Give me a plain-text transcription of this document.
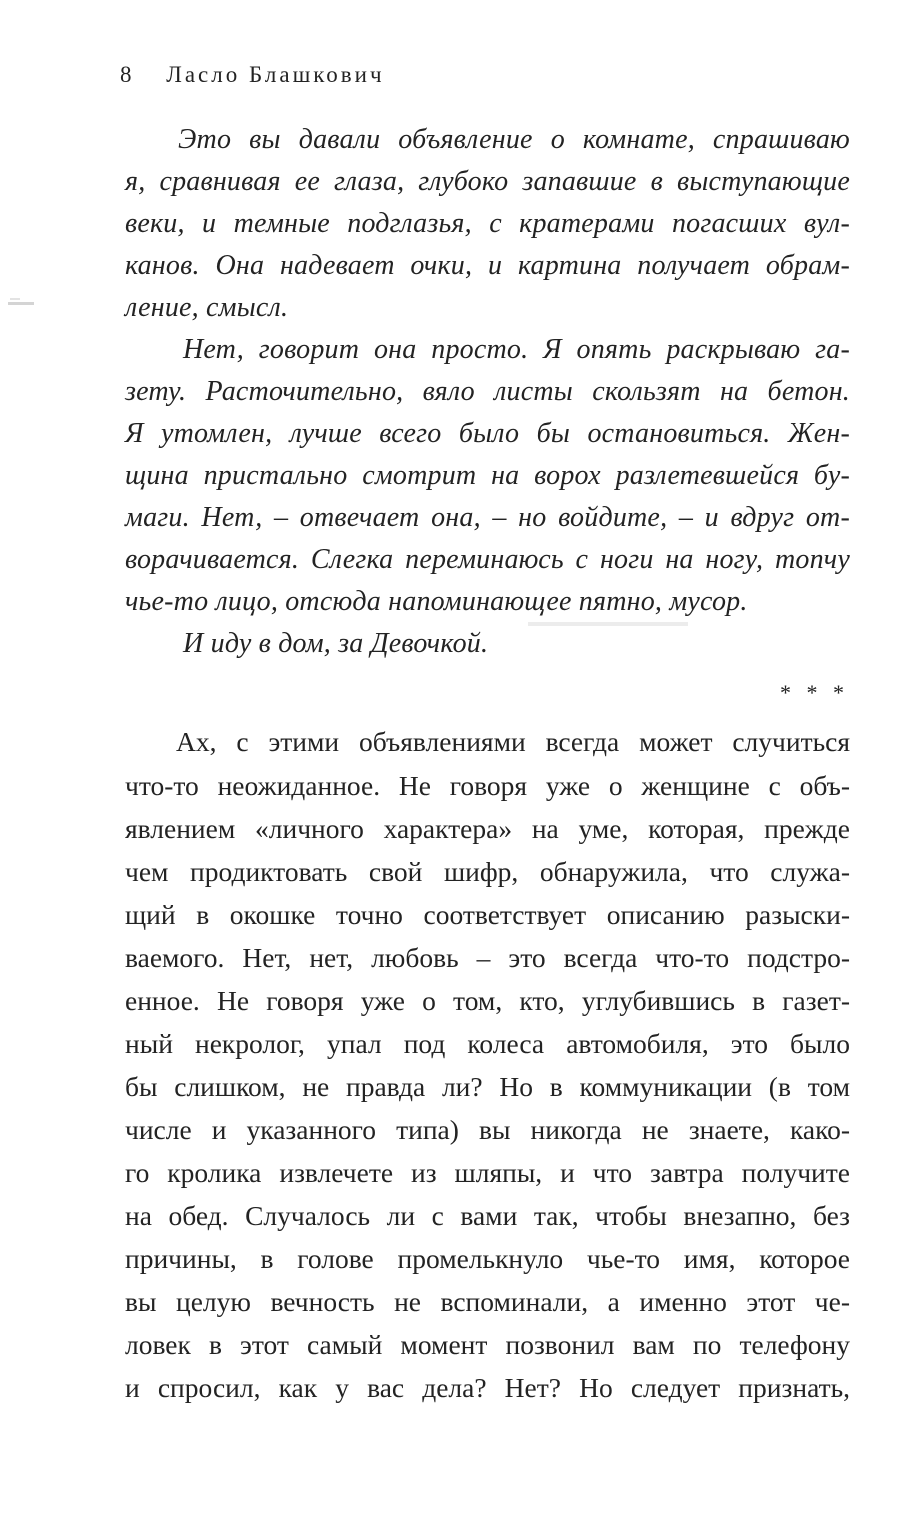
8 Ласло Блашкович
Это вы давали объявление о комнате, спрашиваю
я, сравнивая ее глаза, глубоко запавшие в выступающие
веки, и темные подглазья, с кратерами погасших вул-
канов. Она надевает очки, и картина получает обрам-
ление, смысл.
Нет, говорит она просто. Я опять раскрываю га-
зету. Расточительно, вяло листы скользят на бетон.
Я утомлен, лучше всего было бы остановиться. Жен-
щина пристально смотрит на ворох разлетевшейся бу-
маги. Нет, – отвечает она, – но войдите, – и вдруг от-
ворачивается. Слегка переминаюсь с ноги на ногу, топчу
чье-то лицо, отсюда напоминающее пятно, мусор.
И иду в дом, за Девочкой.
* * *
Ах, с этими объявлениями всегда может случиться
что-то неожиданное. Не говоря уже о женщине с объ-
явлением «личного характера» на уме, которая, прежде
чем продиктовать свой шифр, обнаружила, что служа-
щий в окошке точно соответствует описанию разыски-
ваемого. Нет, нет, любовь – это всегда что-то подстро-
енное. Не говоря уже о том, кто, углубившись в газет-
ный некролог, упал под колеса автомобиля, это было
бы слишком, не правда ли? Но в коммуникации (в том
числе и указанного типа) вы никогда не знаете, како-
го кролика извлечете из шляпы, и что завтра получите
на обед. Случалось ли с вами так, чтобы внезапно, без
причины, в голове промелькнуло чье-то имя, которое
вы целую вечность не вспоминали, а именно этот че-
ловек в этот самый момент позвонил вам по телефону
и спросил, как у вас дела? Нет? Но следует признать,
